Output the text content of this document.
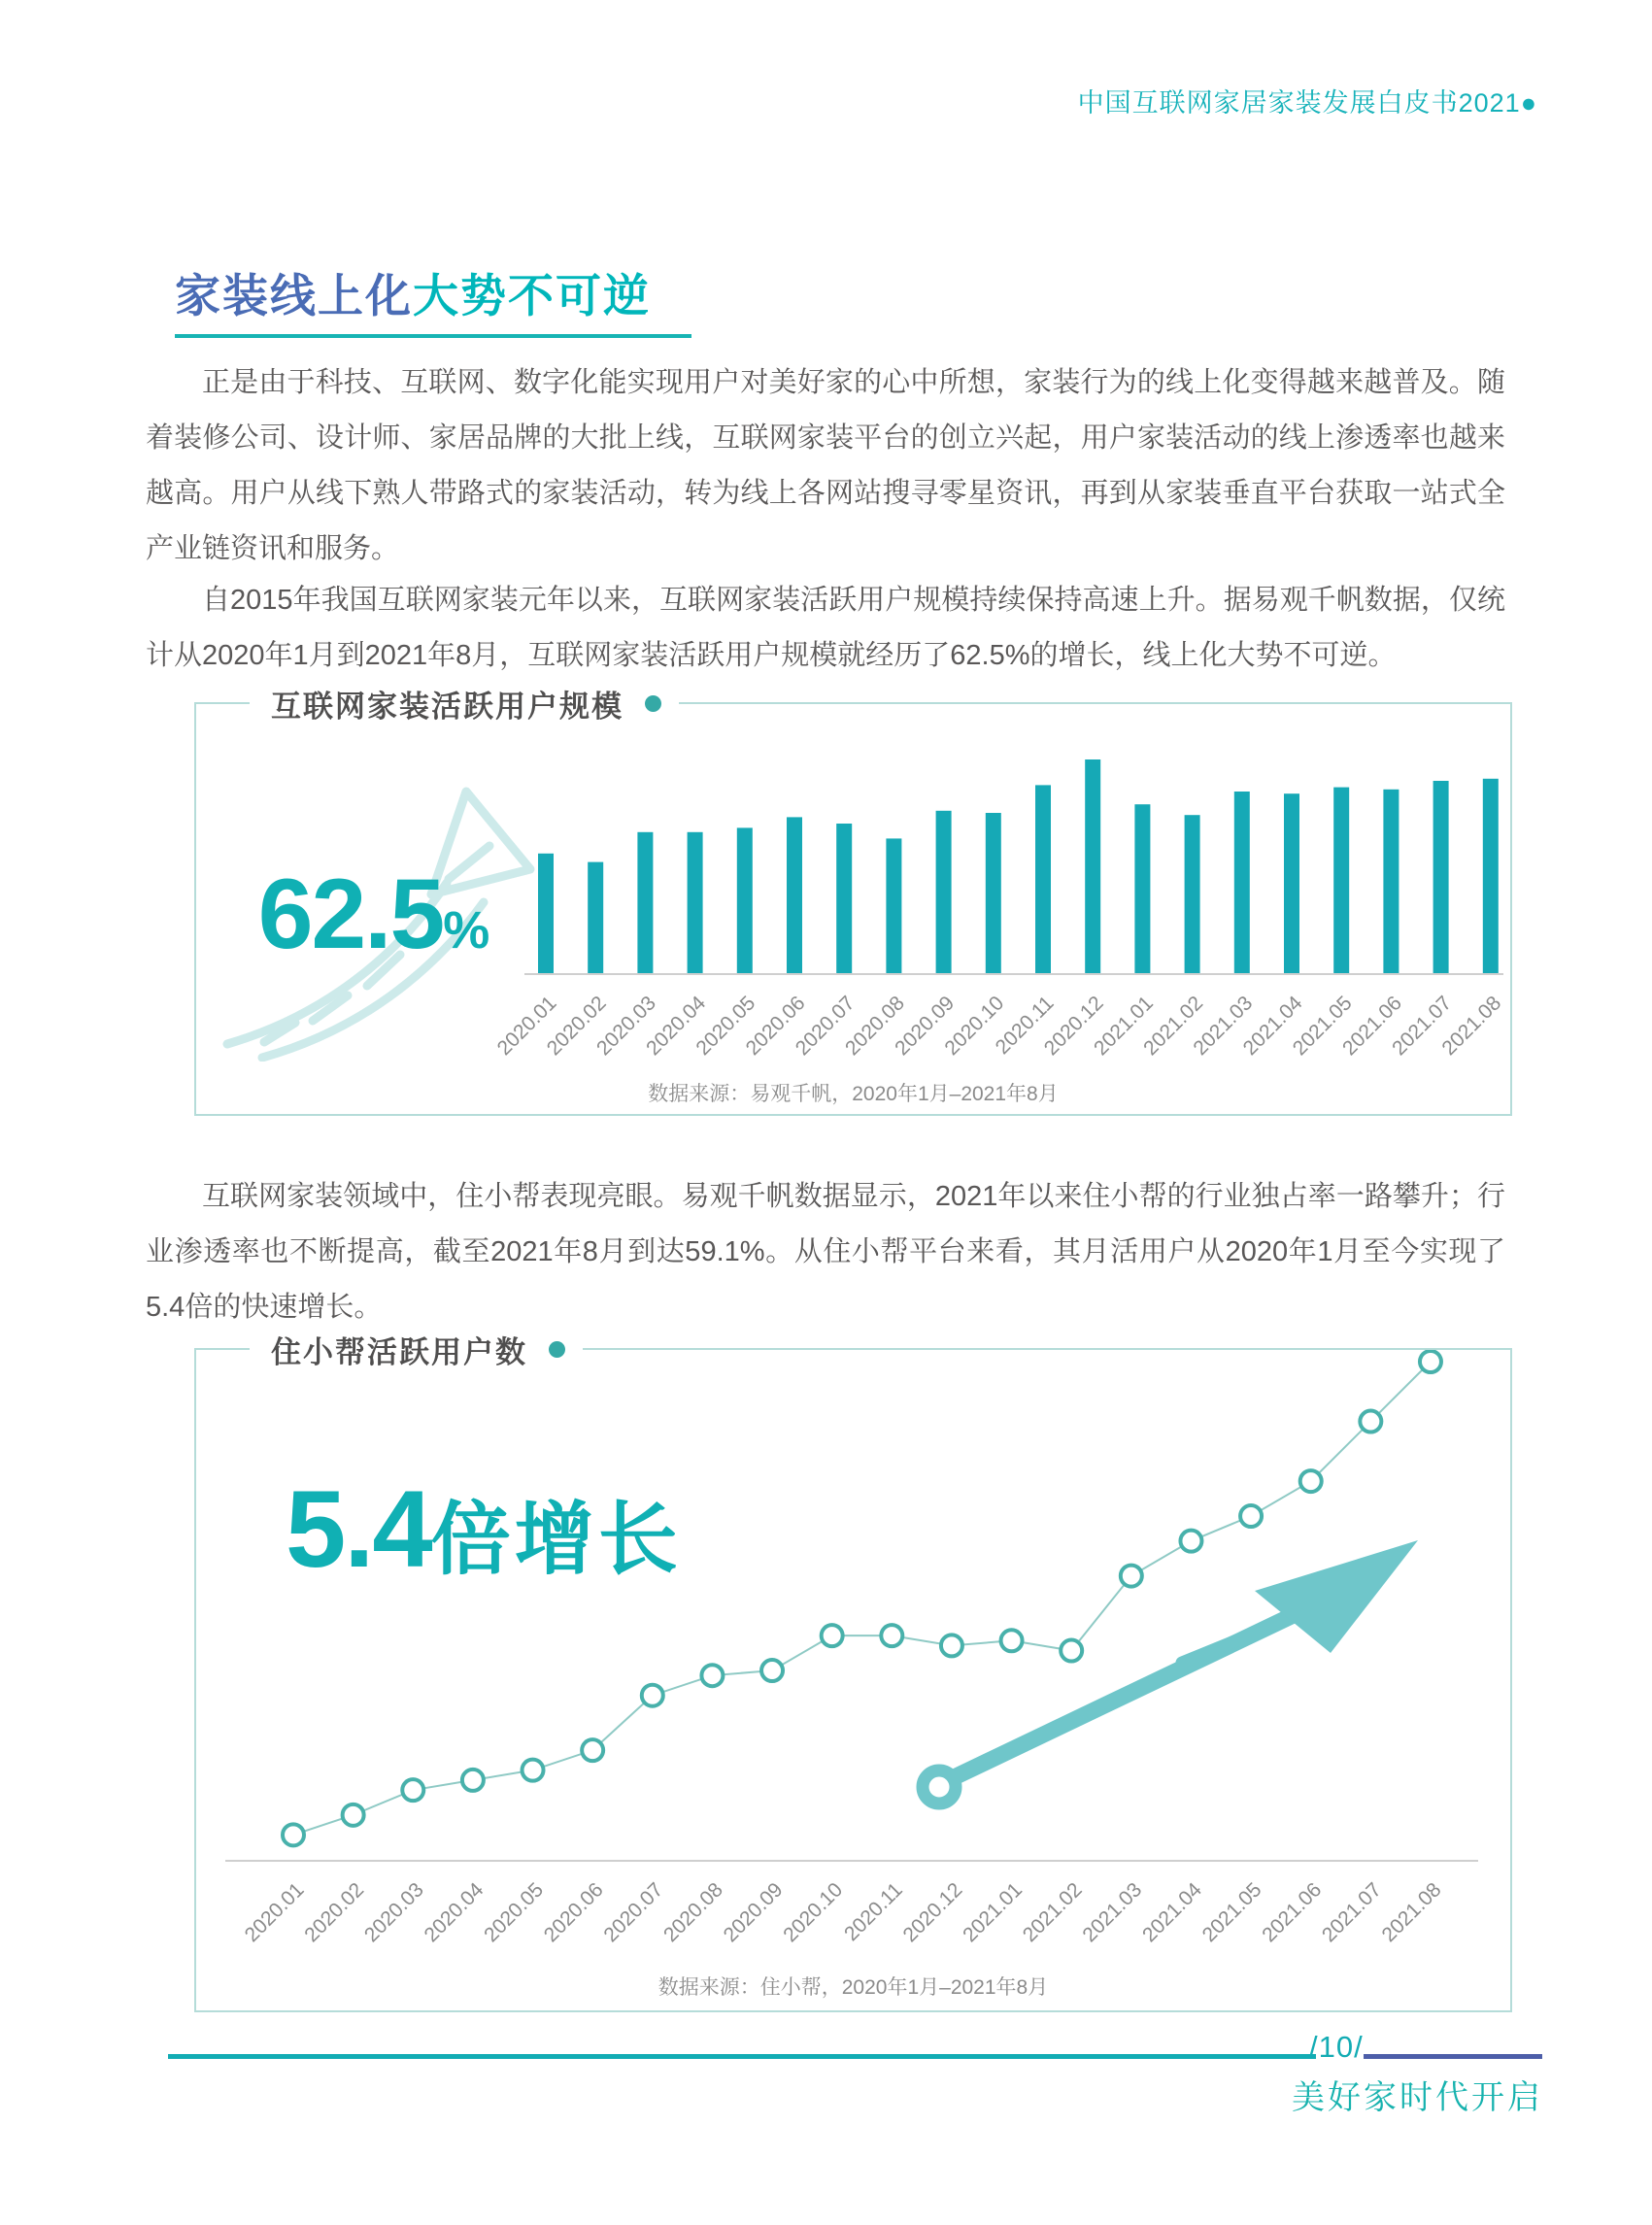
中国互联网家居家装发展白皮书2021●
家装线上化大势不可逆

正是由于科技、互联网、数字化能实现用户对美好家的心中所想，家装行为的线上化变得越来越普及。随着装修公司、设计师、家居品牌的大批上线，互联网家装平台的创立兴起，用户家装活动的线上渗透率也越来越高。用户从线下熟人带路式的家装活动，转为线上各网站搜寻零星资讯，再到从家装垂直平台获取一站式全产业链资讯和服务。

自2015年我国互联网家装元年以来，互联网家装活跃用户规模持续保持高速上升。据易观千帆数据，仅统计从2020年1月到2021年8月，互联网家装活跃用户规模就经历了62.5%的增长，线上化大势不可逆。

互联网家装活跃用户规模
62.5%
2020.01
2020.02
2020.03
2020.04
2020.05
2020.06
2020.07
2020.08
2020.09
2020.10
2020.11
2020.12
2021.01
2021.02
2021.03
2021.04
2021.05
2021.06
2021.07
2021.08
数据来源：易观千帆，2020年1月–2021年8月

互联网家装领域中，住小帮表现亮眼。易观千帆数据显示，2021年以来住小帮的行业独占率一路攀升；行业渗透率也不断提高，截至2021年8月到达59.1%。从住小帮平台来看，其月活用户从2020年1月至今实现了5.4倍的快速增长。

住小帮活跃用户数
5.4倍增长
2020.01
2020.02
2020.03
2020.04
2020.05
2020.06
2020.07
2020.08
2020.09
2020.10
2020.11
2020.12
2021.01
2021.02
2021.03
2021.04
2021.05
2021.06
2021.07
2021.08
数据来源：住小帮，2020年1月–2021年8月
/10/
美好家时代开启
